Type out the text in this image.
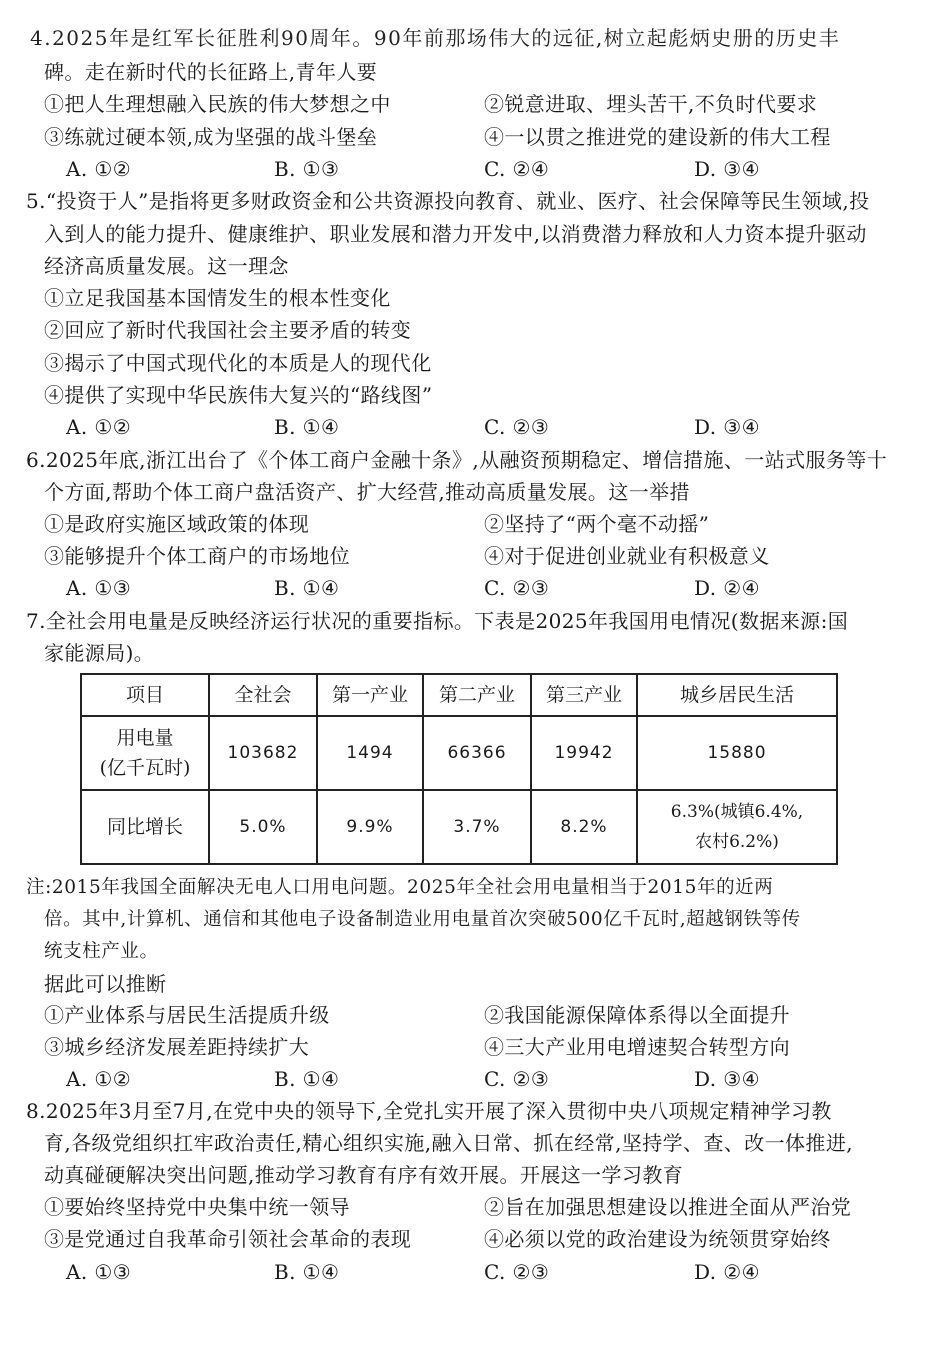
4.2025年是红军长征胜利90周年。90年前那场伟大的远征,树立起彪炳史册的历史丰
碑。走在新时代的长征路上,青年人要
①把人生理想融入民族的伟大梦想之中	②锐意进取、埋头苦干,不负时代要求
③练就过硬本领,成为坚强的战斗堡垒	④一以贯之推进党的建设新的伟大工程
A. ①②	B. ①③	C. ②④	D. ③④
5.“投资于人”是指将更多财政资金和公共资源投向教育、就业、医疗、社会保障等民生领域,投
入到人的能力提升、健康维护、职业发展和潜力开发中,以消费潜力释放和人力资本提升驱动
经济高质量发展。这一理念
①立足我国基本国情发生的根本性变化
②回应了新时代我国社会主要矛盾的转变
③揭示了中国式现代化的本质是人的现代化
④提供了实现中华民族伟大复兴的“路线图”
A. ①②	B. ①④	C. ②③	D. ③④
6.2025年底,浙江出台了《个体工商户金融十条》,从融资预期稳定、增信措施、一站式服务等十
个方面,帮助个体工商户盘活资产、扩大经营,推动高质量发展。这一举措
①是政府实施区域政策的体现	②坚持了“两个毫不动摇”
③能够提升个体工商户的市场地位	④对于促进创业就业有积极意义
A. ①③	B. ①④	C. ②③	D. ②④
7.全社会用电量是反映经济运行状况的重要指标。下表是2025年我国用电情况(数据来源:国
家能源局)。
项目	全社会	第一产业	第二产业	第三产业	城乡居民生活

用电量
(亿千瓦时)	103682	1494	66366	19942	15880
同比增长	5.0%	9.9%	3.7%	8.2%	6.3%(城镇6.4%,
农村6.2%)
注:2015年我国全面解决无电人口用电问题。2025年全社会用电量相当于2015年的近两
倍。其中,计算机、通信和其他电子设备制造业用电量首次突破500亿千瓦时,超越钢铁等传
统支柱产业。
据此可以推断
①产业体系与居民生活提质升级	②我国能源保障体系得以全面提升
③城乡经济发展差距持续扩大	④三大产业用电增速契合转型方向
A. ①②	B. ①④	C. ②③	D. ③④
8.2025年3月至7月,在党中央的领导下,全党扎实开展了深入贯彻中央八项规定精神学习教
育,各级党组织扛牢政治责任,精心组织实施,融入日常、抓在经常,坚持学、查、改一体推进,
动真碰硬解决突出问题,推动学习教育有序有效开展。开展这一学习教育
①要始终坚持党中央集中统一领导	②旨在加强思想建设以推进全面从严治党
③是党通过自我革命引领社会革命的表现	④必须以党的政治建设为统领贯穿始终
A. ①③	B. ①④	C. ②③	D. ②④
